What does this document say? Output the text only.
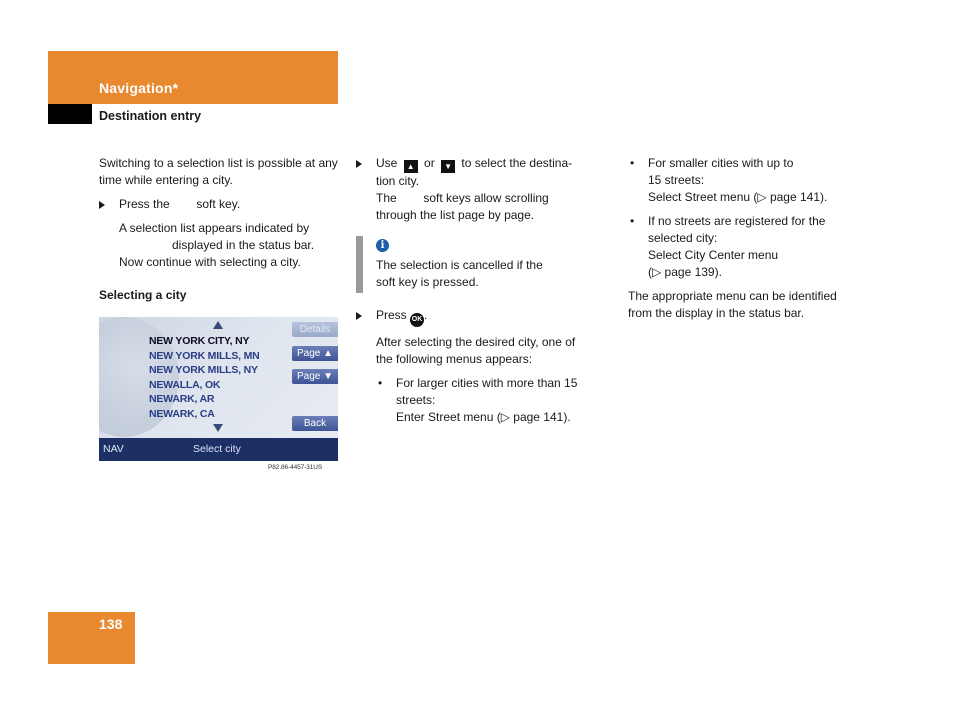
Navigation*
Destination entry

Switching to a selection list is possible at any time while entering a city.

Press the        soft key.

A selection list appears indicated by

displayed in the status bar.

Now continue with selecting a city.

Selecting a city

NEW YORK CITY, NY
NEW YORK MILLS, MN
NEW YORK MILLS, NY
NEWALLA, OK
NEWARK, AR
NEWARK, CA
Details
Page ▲
Page ▼
Back
NAV	Select city
P82.86-4457-31US

Use ▲ or ▼ to select the destina-

tion city.

The        soft keys allow scrolling

through the list page by page.

i

The selection is cancelled if the

soft key is pressed.

Press OK .

After selecting the desired city, one of

the following menus appears:

• For larger cities with more than 15

streets:

Enter Street menu (▷ page 141).

• For smaller cities with up to

15 streets:

Select Street menu (▷ page 141).

• If no streets are registered for the

selected city:

Select City Center menu

(▷ page 139).

The appropriate menu can be identified

from the display in the status bar.

138
